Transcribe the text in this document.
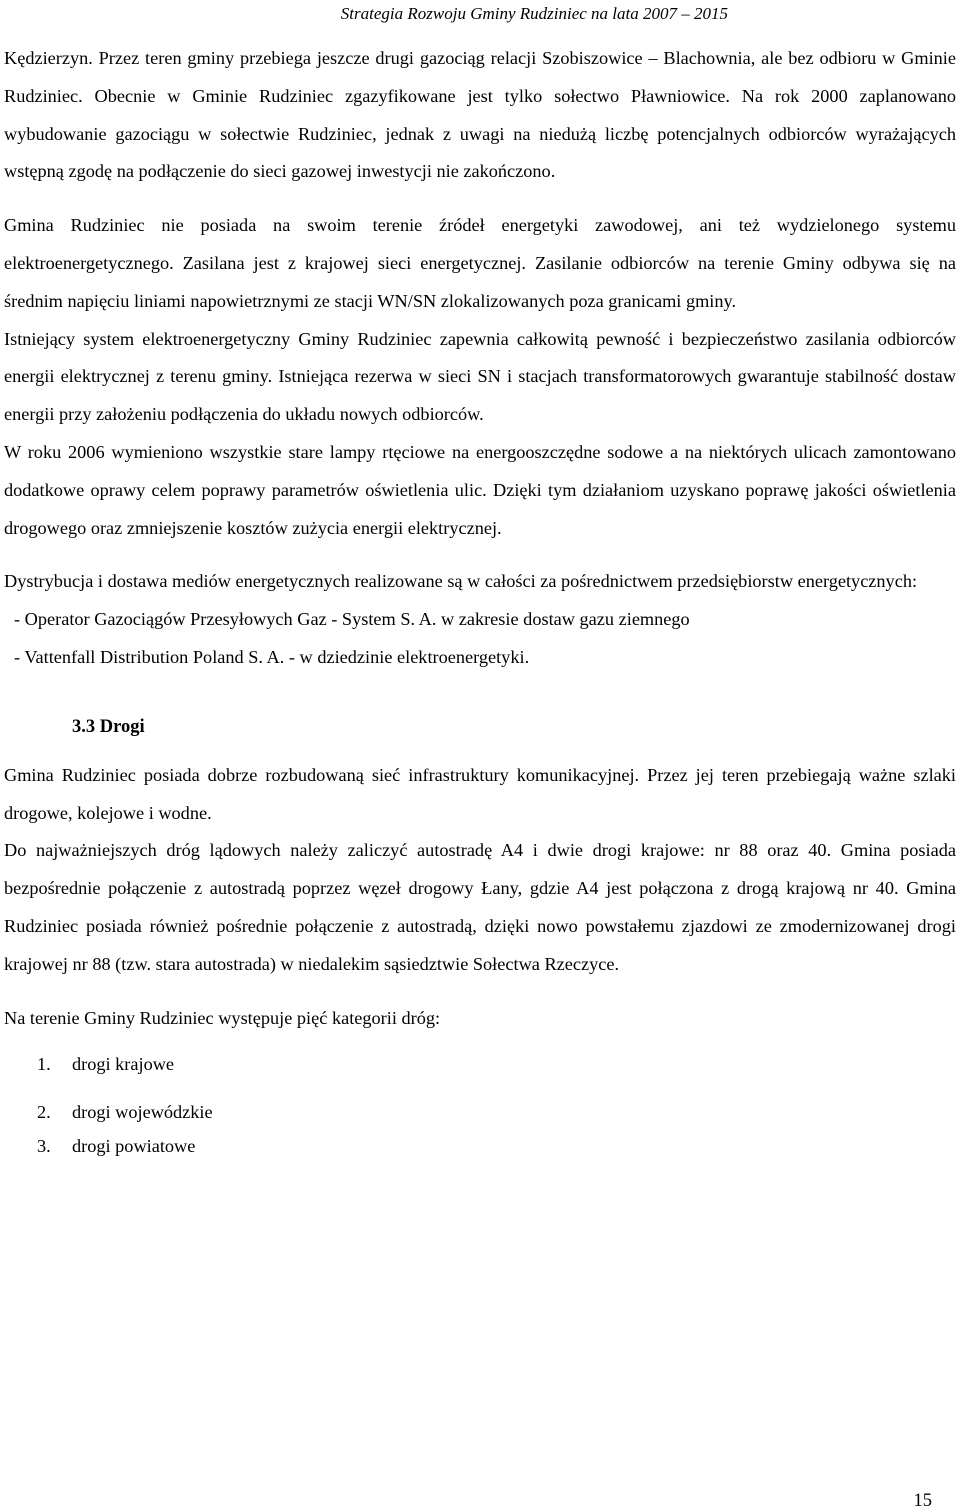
Strategia Rozwoju Gminy Rudziniec na lata 2007 – 2015

Kędzierzyn. Przez teren gminy przebiega jeszcze drugi gazociąg relacji Szobiszowice – Blachownia, ale bez odbioru w Gminie Rudziniec. Obecnie w Gminie Rudziniec zgazyfikowane jest tylko sołectwo Pławniowice. Na rok 2000 zaplanowano wybudowanie gazociągu w sołectwie Rudziniec, jednak z uwagi na niedużą liczbę potencjalnych odbiorców wyrażających wstępną zgodę na podłączenie do sieci gazowej inwestycji nie zakończono.

Gmina Rudziniec nie posiada na swoim terenie źródeł energetyki zawodowej, ani też wydzielonego systemu elektroenergetycznego. Zasilana jest z krajowej sieci energetycznej. Zasilanie odbiorców na terenie Gminy odbywa się na średnim napięciu liniami napowietrznymi ze stacji WN/SN zlokalizowanych poza granicami gminy.

Istniejący system elektroenergetyczny Gminy Rudziniec zapewnia całkowitą pewność i bezpieczeństwo zasilania odbiorców energii elektrycznej z terenu gminy. Istniejąca rezerwa w sieci SN i stacjach transformatorowych gwarantuje stabilność dostaw energii przy założeniu podłączenia do układu nowych odbiorców.

W roku 2006 wymieniono wszystkie stare lampy rtęciowe na energooszczędne sodowe a na niektórych ulicach zamontowano dodatkowe oprawy celem poprawy parametrów oświetlenia ulic. Dzięki tym działaniom uzyskano poprawę jakości oświetlenia drogowego oraz zmniejszenie kosztów zużycia energii elektrycznej.

Dystrybucja i dostawa mediów energetycznych realizowane są w całości za pośrednictwem przedsiębiorstw energetycznych:

- Operator Gazociągów Przesyłowych Gaz - System S. A. w zakresie dostaw gazu ziemnego
- Vattenfall Distribution Poland S. A. - w dziedzinie elektroenergetyki.
3.3 Drogi

Gmina Rudziniec posiada dobrze rozbudowaną sieć infrastruktury komunikacyjnej. Przez jej teren przebiegają ważne szlaki drogowe, kolejowe i wodne.

Do najważniejszych dróg lądowych należy zaliczyć autostradę A4 i dwie drogi krajowe: nr 88 oraz 40. Gmina posiada bezpośrednie połączenie z autostradą poprzez węzeł drogowy Łany, gdzie A4 jest połączona z drogą krajową nr 40. Gmina Rudziniec posiada również pośrednie połączenie z autostradą, dzięki nowo powstałemu zjazdowi ze zmodernizowanej drogi krajowej nr 88 (tzw. stara autostrada) w niedalekim sąsiedztwie Sołectwa Rzeczyce.

Na terenie Gminy Rudziniec występuje pięć kategorii dróg:

1.	drogi krajowe
2.	drogi wojewódzkie
3.	drogi powiatowe
15
